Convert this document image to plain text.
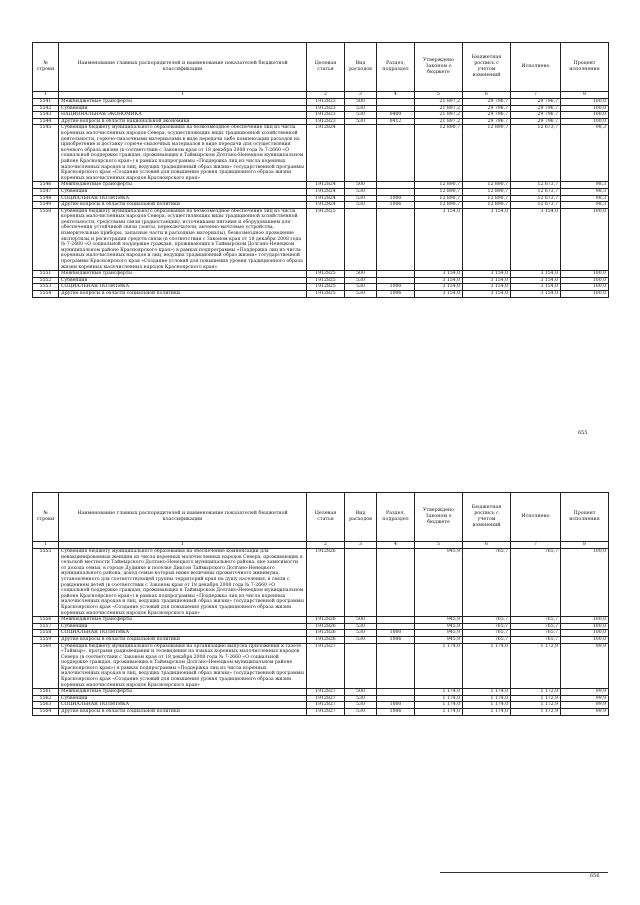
№ строки	Наименование главных распорядителей и наименование показателей бюджетной классификации	Целевая статья	Вид расходов	Раздел, подраздел	Утверждено Законом о бюджете	Бюджетная роспись с учетом изменений	Исполнено	Процент исполнения
1	1	2	3	4	5	6	7	8
5541	Межбюджетные трансферты	1912823	500		21 897,2	29 796,7	29 796,7	100,0
5542	Субвенции	1912823	530		21 897,2	29 796,7	29 796,7	100,0
5543	НАЦИОНАЛЬНАЯ ЭКОНОМИКА	1912823	530	0400	21 897,2	29 796,7	29 796,7	100,0
5544	Другие вопросы в области национальной экономики	1912823	530	0412	21 897,2	29 796,7	29 796,7	100,0
5545	Субвенция бюджету муниципального образования на безвозмездное обеспечение лиц из числа коренных малочисленных народов Севера, осуществляющих виды традиционной хозяйственной деятельности, горюче-смазочными материалами в виде передачи либо компенсации расходов на приобретение и доставку горюче-смазочных материалов в виде передачи для осуществления кочевого образа жизни (в соответствии с Законом края от 18 декабря 2008 года № 7-2660 «О социальной поддержке граждан, проживающих в Таймырском Долгано-Ненецком муниципальном районе Красноярского края») в рамках подпрограммы «Поддержка лиц из числа коренных малочисленных народов и лиц, ведущих традиционный образ жизни» государственной программы Красноярского края «Создание условий для повышения уровня традиционного образа жизни коренных малочисленных народов Красноярского края»	1912824			12 890,7	12 890,7	12 673,7	98,3
5546	Межбюджетные трансферты	1912824	500		12 890,7	12 890,7	12 673,7	98,3
5547	Субвенции	1912824	530		12 890,7	12 890,7	12 673,7	98,3
5548	СОЦИАЛЬНАЯ ПОЛИТИКА	1912824	530	1000	12 890,7	12 890,7	12 673,7	98,3
5549	Другие вопросы в области социальной политики	1912824	530	1006	12 890,7	12 890,7	12 673,7	98,3
5550	Субвенция бюджету муниципального образования на безвозмездное обеспечение лиц из числа коренных малочисленных народов Севера, осуществляющих виды традиционной хозяйственной деятельности, средствами связи (радиостанции), источниками питания и оборудованием для обеспечения устойчивой связи (зонты, переключатели, антенно-мачтовые устройства, измерительные приборы, запасные части и расходные материалы), безвозмездное проведение экспертизы и регистрации средств связи (в соответствии с Законом края от 18 декабря 2008 года № 7-2660 «О социальной поддержке граждан, проживающих в Таймырском Долгано-Ненецком муниципальном районе Красноярского края») в рамках подпрограммы «Поддержка лиц из числа коренных малочисленных народов и лиц, ведущих традиционный образ жизни» государственной программы Красноярского края «Создание условий для повышения уровня традиционного образа жизни коренных малочисленных народов Красноярского края»	1912825			3 154,0	3 154,0	3 154,0	100,0
5551	Межбюджетные трансферты	1912825	500		3 154,0	3 154,0	3 154,0	100,0
5552	Субвенции	1912825	530		3 154,0	3 154,0	3 154,0	100,0
5553	СОЦИАЛЬНАЯ ПОЛИТИКА	1912825	530	1000	3 154,0	3 154,0	3 154,0	100,0
5554	Другие вопросы в области социальной политики	1912825	530	1006	3 154,0	3 154,0	3 154,0	100,0
655
№ строки	Наименование главных распорядителей и наименование показателей бюджетной классификации	Целевая статья	Вид расходов	Раздел, подраздел	Утверждено Законом о бюджете	Бюджетная роспись с учетом изменений	Исполнено	Процент исполнения
1	1	2	3	4	5	6	7	8
5555	Субвенция бюджету муниципального образования на обеспечение компенсации для невакцинированных женщин из числа коренных малочисленных народов Севера, проживающих в сельской местности Таймырского Долгано-Ненецкого муниципального района, вне зависимости от дохода семьи, в городе Дудинке и поселке Диксон Таймырского Долгано-Ненецкого муниципального района, доход семьи которых ниже величины прожиточного минимума, установленного для соответствующей группы территорий края на душу населения, в связи с рождением детей (в соответствии с Законом края от 18 декабря 2008 года № 7-2660 «О социальной поддержке граждан, проживающих в Таймырском Долгано-Ненецком муниципальном районе Красноярского края») в рамках подпрограммы «Поддержка лиц из числа коренных малочисленных народов и лиц, ведущих традиционный образ жизни» государственной программы Красноярского края «Создание условий для повышения уровня традиционного образа жизни коренных малочисленных народов Красноярского края»	1912826			945,9	765,7	765,7	100,0
5556	Межбюджетные трансферты	1912826	500		945,9	765,7	765,7	100,0
5557	Субвенции	1912826	530		945,9	765,7	765,7	100,0
5558	СОЦИАЛЬНАЯ ПОЛИТИКА	1912826	530	1000	945,9	765,7	765,7	100,0
5559	Другие вопросы в области социальной политики	1912826	530	1006	945,9	765,7	765,7	100,0
5560	Субвенция бюджету муниципального образования на организацию выпуска приложения к газете «Таймыр», программ радиовещания и телевидения на языках коренных малочисленных народов Севера (в соответствии с Законом края от 18 декабря 2008 года № 7-2660 «О социальной поддержке граждан, проживающих в Таймырском Долгано-Ненецком муниципальном районе Красноярского края») в рамках подпрограммы «Поддержка лиц из числа коренных малочисленных народов и лиц, ведущих традиционный образ жизни» государственной программы Красноярского края «Создание условий для повышения уровня традиционного образа жизни коренных малочисленных народов Красноярского края»	1912827			1 174,0	1 174,0	1 172,9	99,9
5561	Межбюджетные трансферты	1912827	500		1 174,0	1 174,0	1 172,9	99,9
5562	Субвенции	1912827	530		1 174,0	1 174,0	1 172,9	99,9
5563	СОЦИАЛЬНАЯ ПОЛИТИКА	1912827	530	1000	1 174,0	1 174,0	1 172,9	99,9
5564	Другие вопросы в области социальной политики	1912827	530	1006	1 174,0	1 174,0	1 172,9	99,9
656
